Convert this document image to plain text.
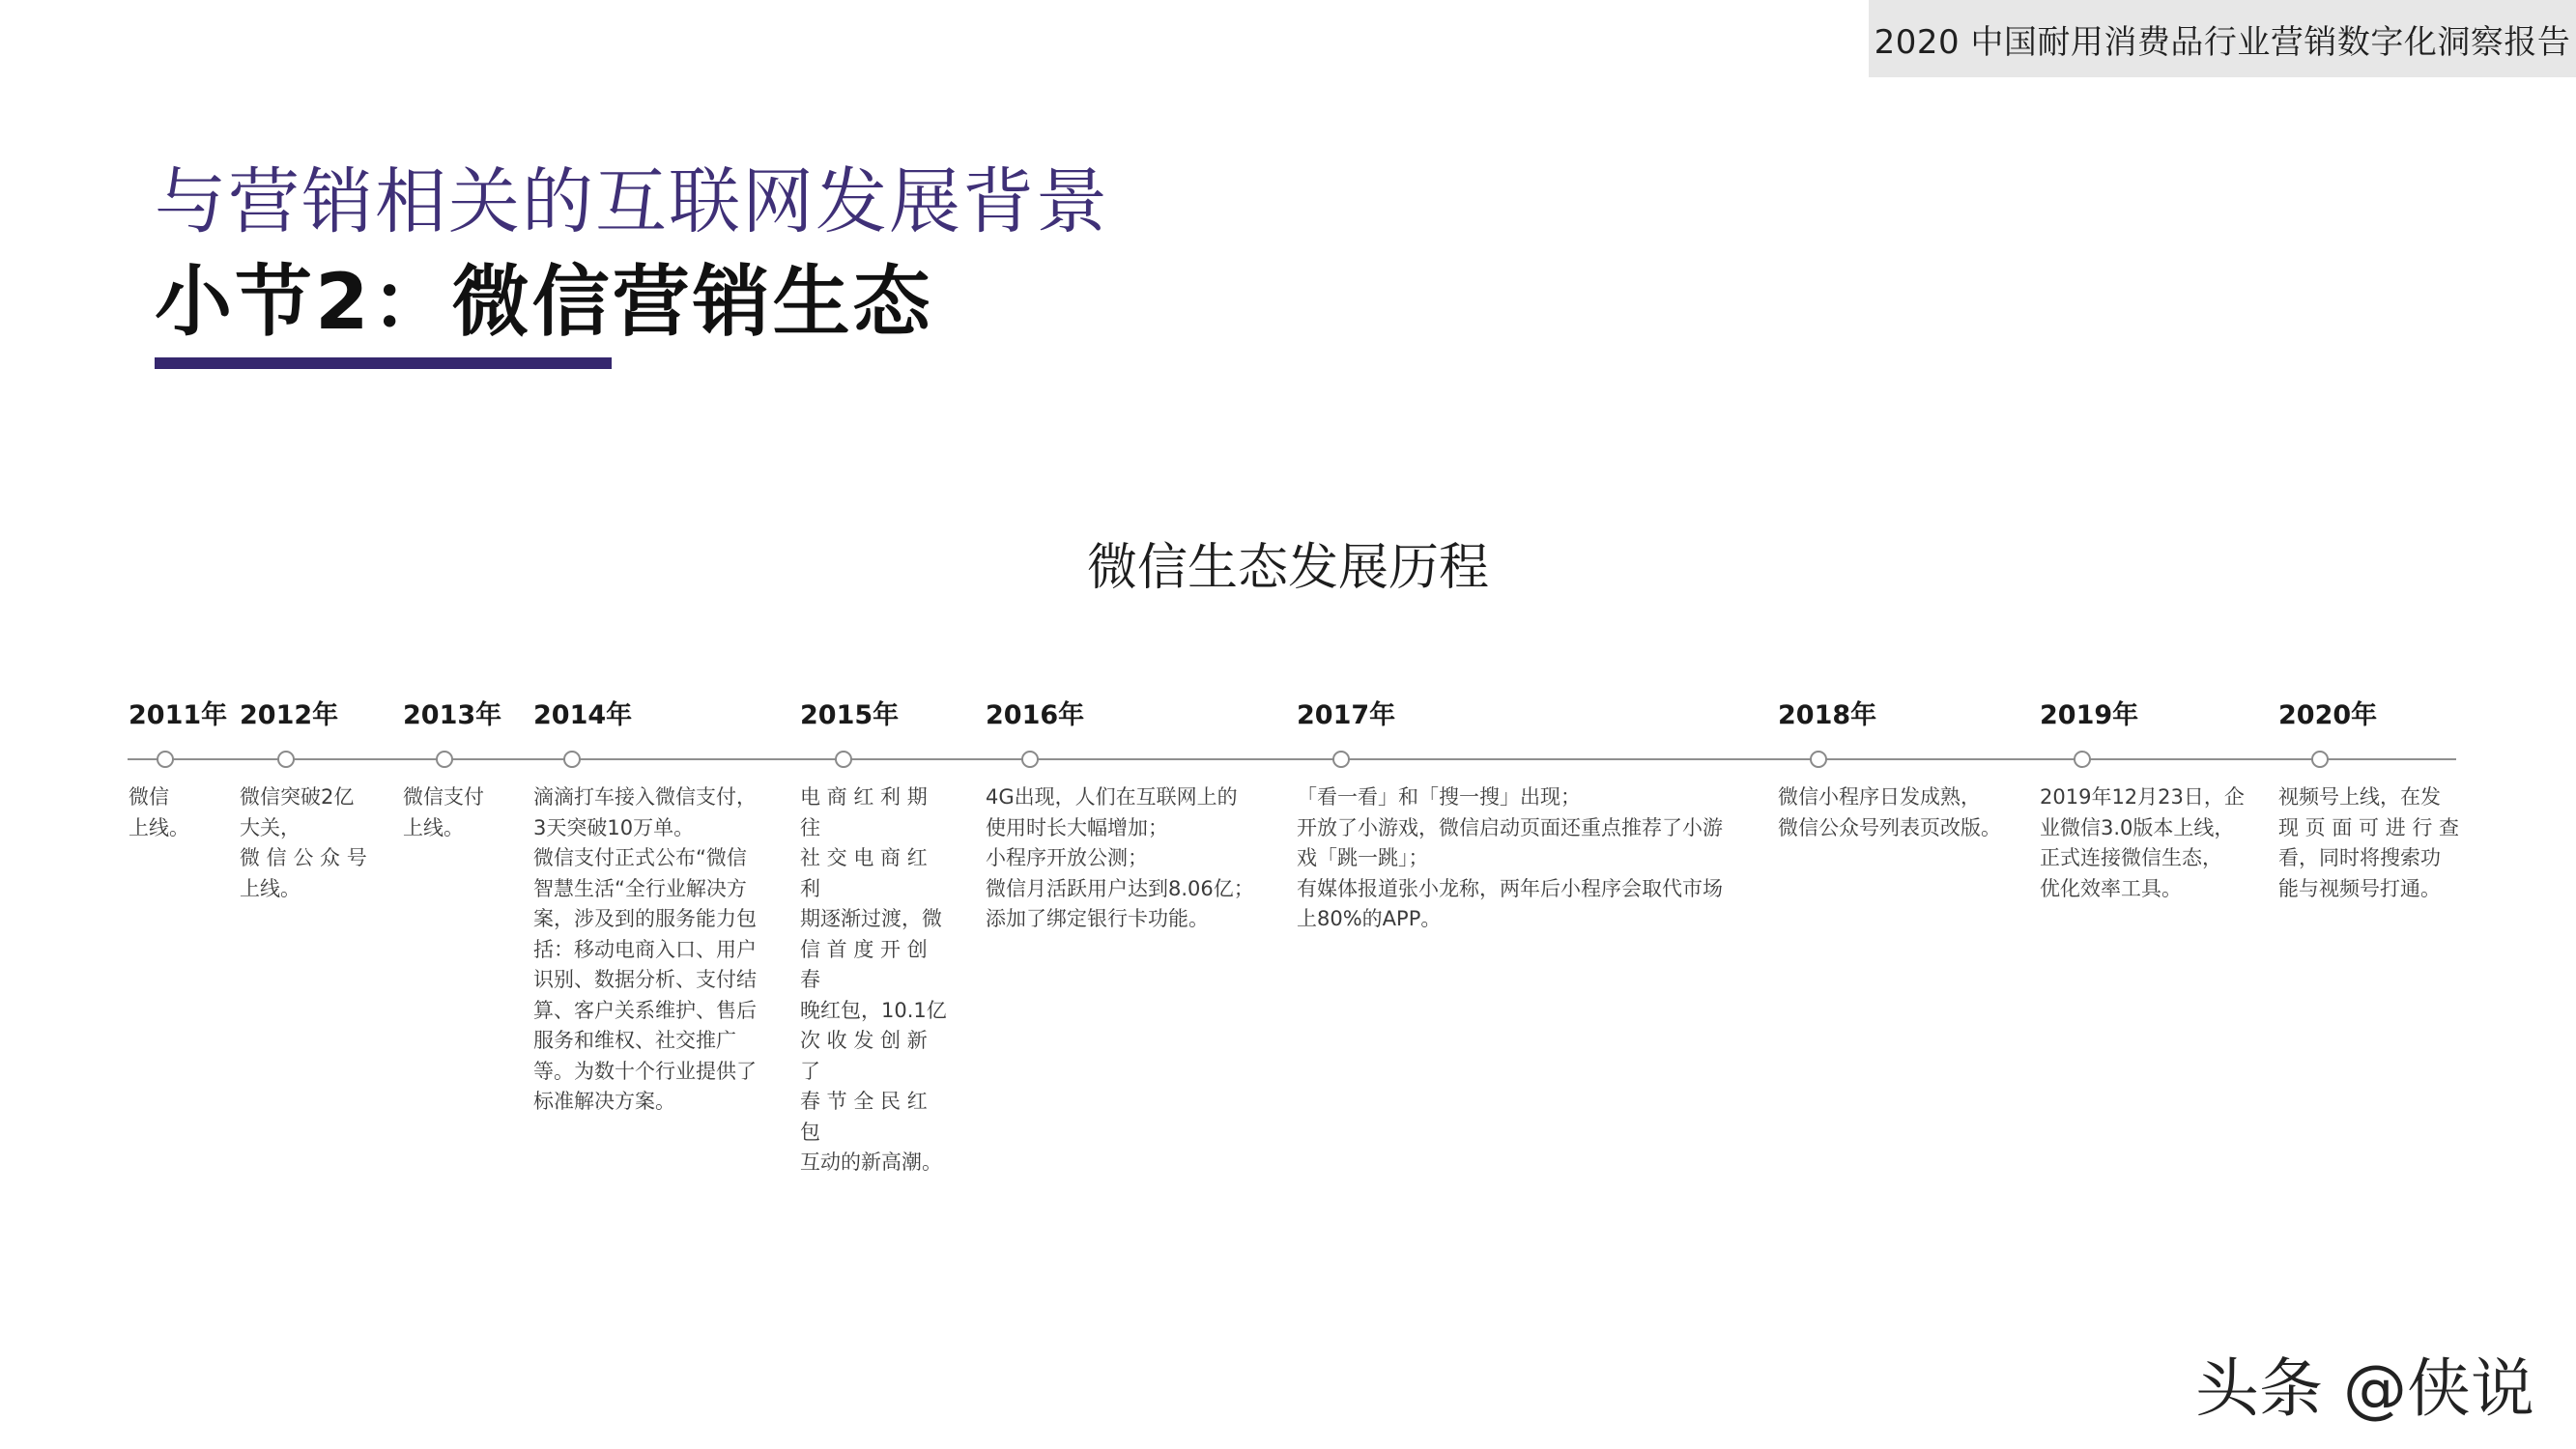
2020 中国耐用消费品行业营销数字化洞察报告
与营销相关的互联网发展背景
小节2：微信营销生态
微信生态发展历程
2011年

微信

上线。

2012年

微信突破2亿

大关，

微 信 公 众 号

上线。

2013年

微信支付

上线。

2014年

滴滴打车接入微信支付，

3天突破10万单。

微信支付正式公布“微信

智慧生活“全行业解决方

案，涉及到的服务能力包

括：移动电商入口、用户

识别、数据分析、支付结

算、客户关系维护、售后

服务和维权、社交推广

等。为数十个行业提供了

标准解决方案。

2015年

电 商 红 利 期 往

社 交 电 商 红 利

期逐渐过渡，微

信 首 度 开 创 春

晚红包，10.1亿

次 收 发 创 新 了

春 节 全 民 红 包

互动的新高潮。

2016年

4G出现，人们在互联网上的

使用时长大幅增加；

小程序开放公测；

微信月活跃用户达到8.06亿；

添加了绑定银行卡功能。

2017年

「看一看」和「搜一搜」出现；

开放了小游戏，微信启动页面还重点推荐了小游

戏「跳一跳」；

有媒体报道张小龙称，两年后小程序会取代市场

上80%的APP。

2018年

微信小程序日发成熟，

微信公众号列表页改版。

2019年

2019年12月23日，企

业微信3.0版本上线，

正式连接微信生态，

优化效率工具。

2020年

视频号上线，在发

现 页 面 可 进 行 查

看，同时将搜索功

能与视频号打通。

头条 @侠说
